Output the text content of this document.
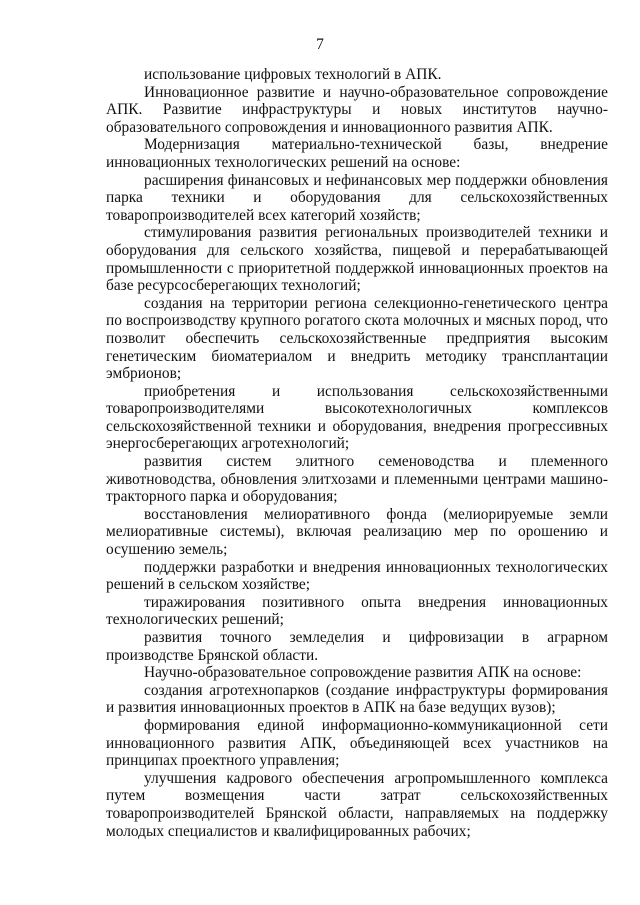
7

использование цифровых технологий в АПК.

Инновационное развитие и научно-образовательное сопровождение АПК. Развитие инфраструктуры и новых институтов научно-образовательного сопровождения и инновационного развития АПК.

Модернизация материально-технической базы, внедрение инновационных технологических решений на основе:

расширения финансовых и нефинансовых мер поддержки обновления парка техники и оборудования для сельскохозяйственных товаропроизводителей всех категорий хозяйств;

стимулирования развития региональных производителей техники и оборудования для сельского хозяйства, пищевой и перерабатывающей промышленности с приоритетной поддержкой инновационных проектов на базе ресурсосберегающих технологий;

создания на территории региона селекционно-генетического центра по воспроизводству крупного рогатого скота молочных и мясных пород, что позволит обеспечить сельскохозяйственные предприятия высоким генетическим биоматериалом и внедрить методику трансплантации эмбрионов;

приобретения и использования сельскохозяйственными товаропроизводителями высокотехнологичных комплексов сельскохозяйственной техники и оборудования, внедрения прогрессивных энергосберегающих агротехнологий;

развития систем элитного семеноводства и племенного животноводства, обновления элитхозами и племенными центрами машино-тракторного парка и оборудования;

восстановления мелиоративного фонда (мелиорируемые земли мелиоративные системы), включая реализацию мер по орошению и осушению земель;

поддержки разработки и внедрения инновационных технологических решений в сельском хозяйстве;

тиражирования позитивного опыта внедрения инновационных технологических решений;

развития точного земледелия и цифровизации в аграрном производстве Брянской области.

Научно-образовательное сопровождение развития АПК на основе:

создания агротехнопарков (создание инфраструктуры формирования и развития инновационных проектов в АПК на базе ведущих вузов);

формирования единой информационно-коммуникационной сети инновационного развития АПК, объединяющей всех участников на принципах проектного управления;

улучшения кадрового обеспечения агропромышленного комплекса путем возмещения части затрат сельскохозяйственных товаропроизводителей Брянской области, направляемых на поддержку молодых специалистов и квалифицированных рабочих;
